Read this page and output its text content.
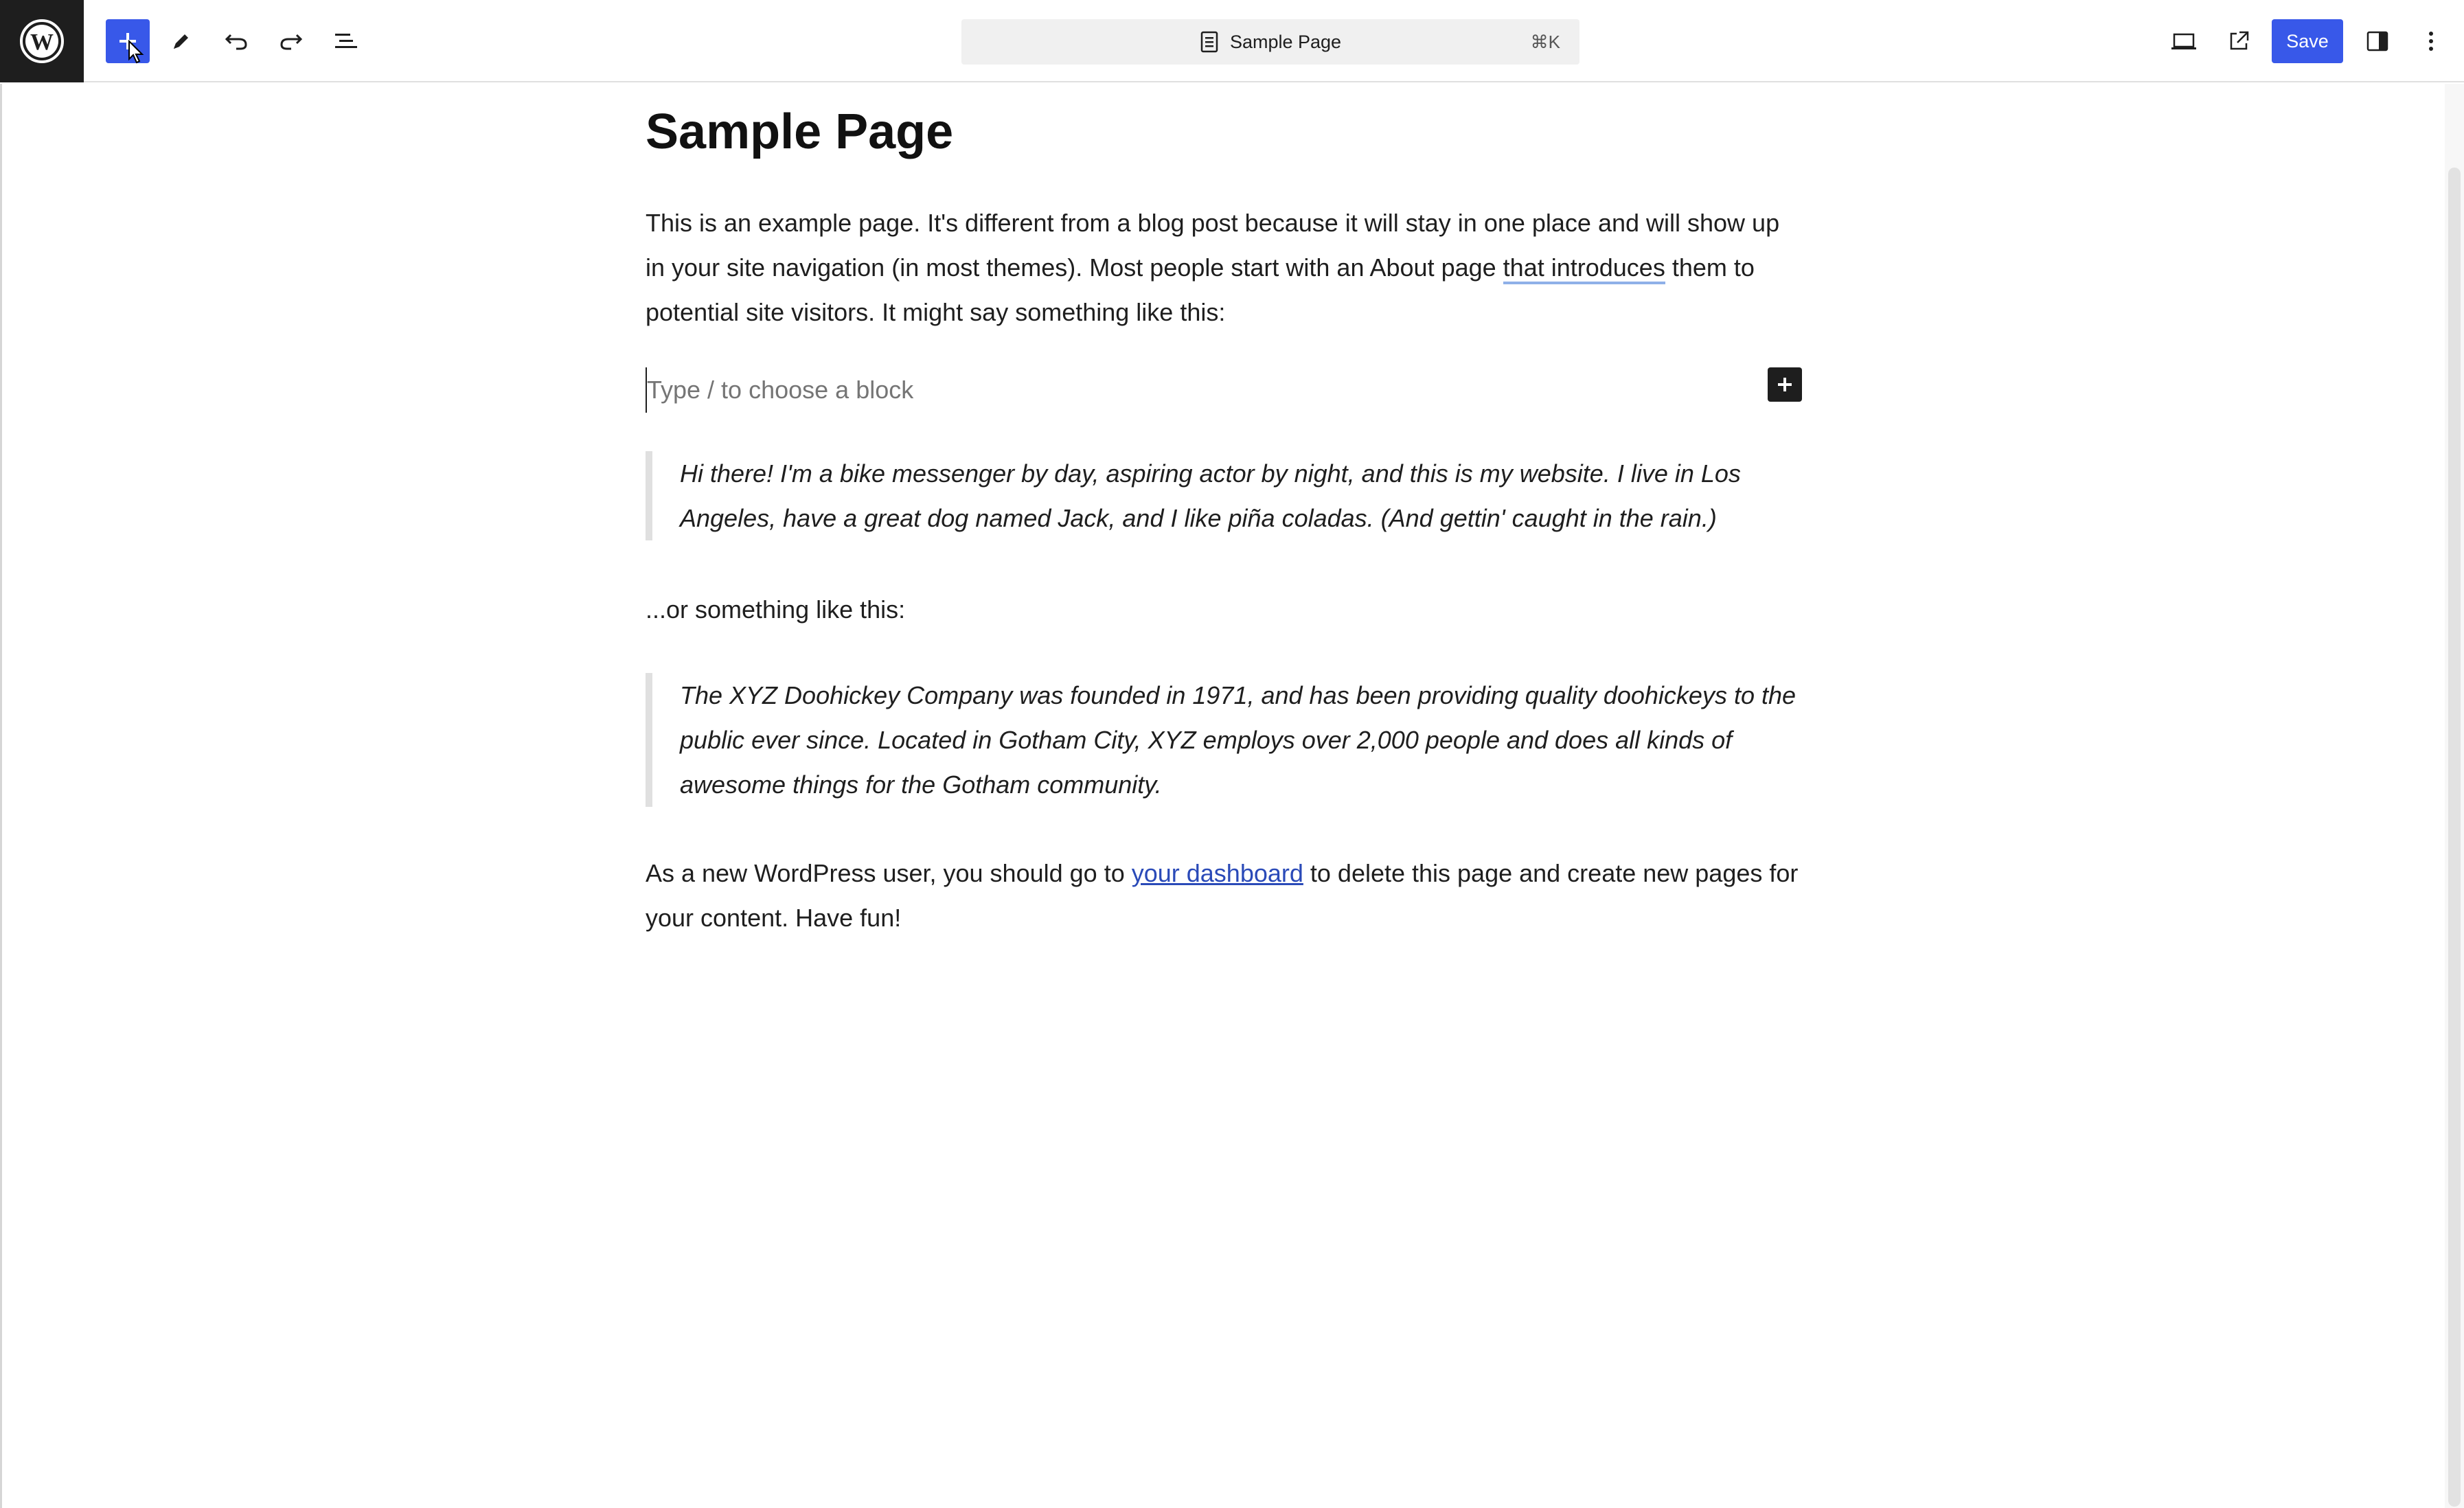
W	Sample Page	⌘K	Save
Sample Page

This is an example page. It's different from a blog post because it will stay in one place and will show up in your site navigation (in most themes). Most people start with an About page that introduces them to potential site visitors. It might say something like this:

Type / to choose a block
Hi there! I'm a bike messenger by day, aspiring actor by night, and this is my website. I live in Los Angeles, have a great dog named Jack, and I like piña coladas. (And gettin' caught in the rain.)

...or something like this:

The XYZ Doohickey Company was founded in 1971, and has been providing quality doohickeys to the public ever since. Located in Gotham City, XYZ employs over 2,000 people and does all kinds of awesome things for the Gotham community.

As a new WordPress user, you should go to your dashboard to delete this page and create new pages for your content. Have fun!
